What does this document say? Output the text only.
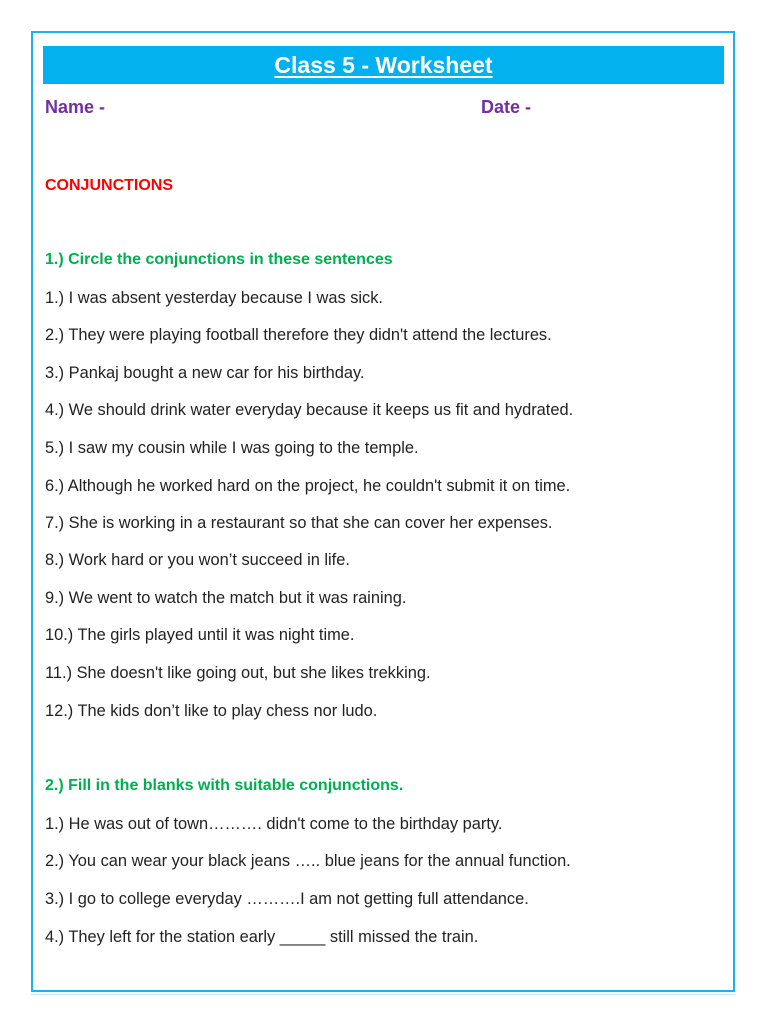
Class 5 - Worksheet
Name -	Date -
CONJUNCTIONS
1.) Circle the conjunctions in these sentences
1.) I was absent yesterday because I was sick.
2.) They were playing football therefore they didn't attend the lectures.
3.) Pankaj bought a new car for his birthday.
4.) We should drink water everyday because it keeps us fit and hydrated.
5.) I saw my cousin while I was going to the temple.
6.) Although he worked hard on the project, he couldn't submit it on time.
7.) She is working in a restaurant so that she can cover her expenses.
8.) Work hard or you won’t succeed in life.
9.) We went to watch the match but it was raining.
10.) The girls played until it was night time.
11.) She doesn't like going out, but she likes trekking.
12.) The kids don’t like to play chess nor ludo.
2.) Fill in the blanks with suitable conjunctions.
1.) He was out of town………. didn't come to the birthday party.
2.) You can wear your black jeans ….. blue jeans for the annual function.
3.) I go to college everyday ……….I am not getting full attendance.
4.) They left for the station early _____ still missed the train.
